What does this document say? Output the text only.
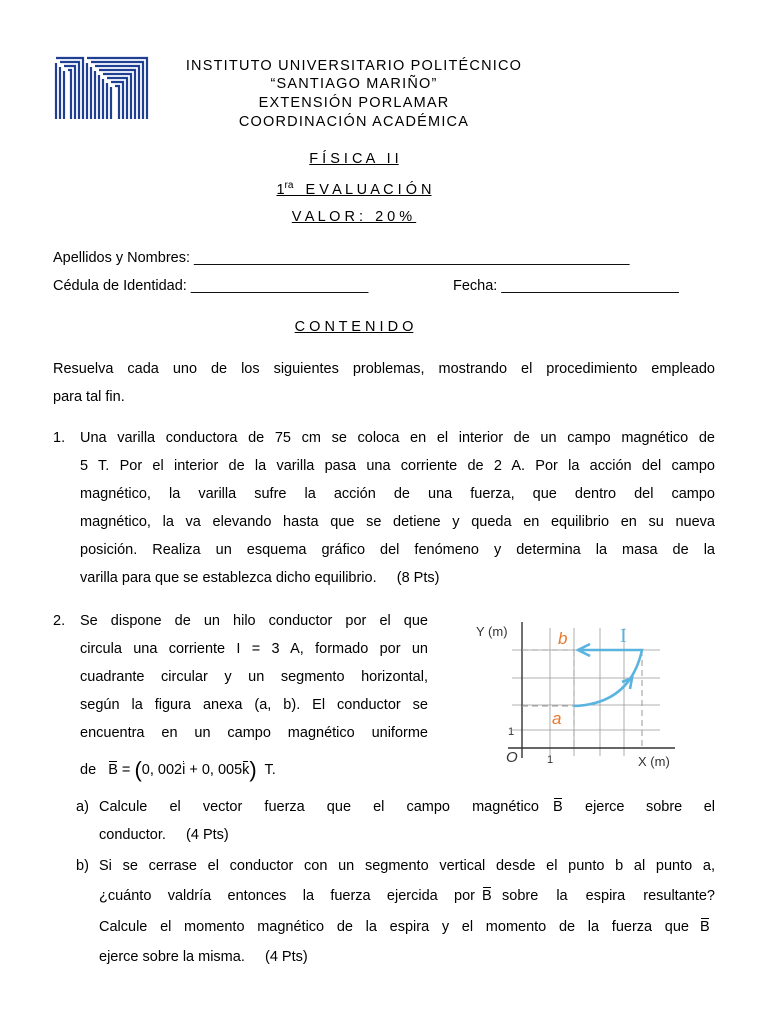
INSTITUTO UNIVERSITARIO POLITÉCNICO
“SANTIAGO MARIÑO”
EXTENSIÓN PORLAMAR
COORDINACIÓN ACADÉMICA
F Í S I C A   I I
$1^{ra}$ E V A L U A C I Ó N
V A L O R :   2 0 %
Apellidos y Nombres: ______________________________________________________
Cédula de Identidad: ______________________	Fecha: ______________________
C O N T E N I D O
Resuelva cada uno de los siguientes problemas, mostrando el procedimiento empleado
para tal fin.
1. Una varilla conductora de 75 cm se coloca en el interior de un campo magnético de
5 T. Por el interior de la varilla pasa una corriente de 2 A. Por la acción del campo
magnético, la varilla sufre la acción de una fuerza, que dentro del campo
magnético, la va elevando hasta que se detiene y queda en equilibrio en su nueva
posición. Realiza un esquema gráfico del fenómeno y determina la masa de la
varilla para que se establezca dicho equilibrio.     (8 Pts)
2. Se dispone de un hilo conductor por el que
circula una corriente I = 3 A, formado por un
cuadrante circular y un segmento horizontal,
según la figura anexa (a, b). El conductor se
encuentra en un campo magnético uniforme
de B = (0, 002i + 0, 005k) T.
Y (m)
X (m)
O	1
1
a
b	I
a) Calcule el vector fuerza que el campo magnético B ejerce sobre el
conductor.     (4 Pts)
b) Si se cerrase el conductor con un segmento vertical desde el punto b al punto a,
¿cuánto valdría entonces la fuerza ejercida por B sobre la espira resultante?
Calcule el momento magnético de la espira y el momento de la fuerza que B
ejerce sobre la misma.     (4 Pts)
